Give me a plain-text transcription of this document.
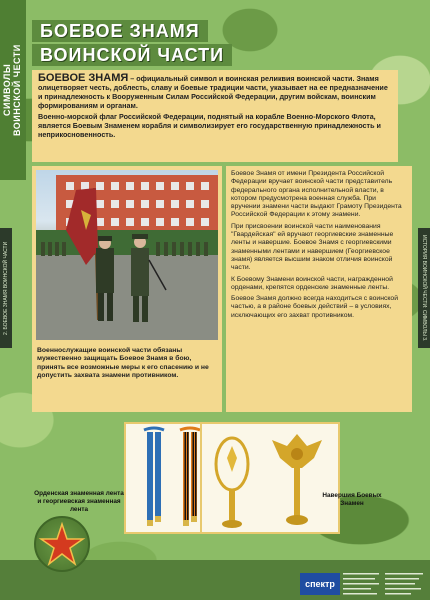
СИМВОЛЫ
ВОИНСКОЙ ЧЕСТИ
2. БОЕВОЕ ЗНАМЯ ВОИНСКОЙ ЧАСТИ	ИСТОРИЯ ВОИНСКОЙ ЧЕСТИ: СИМВОЛЫ 3.
БОЕВОЕ ЗНАМЯ
ВОИНСКОЙ ЧАСТИ

БОЕВОЕ ЗНАМЯ – официальный символ и воинская реликвия воинской части. Знамя олицетворяет честь, доблесть, славу и боевые традиции части, указывает на ее предназначение и принадлежность к Вооруженным Силам Российской Федерации, другим войскам, воинским формированиям и органам.

Военно-морской флаг Российской Федерации, поднятый на корабле Военно-Морского Флота, является Боевым Знаменем корабля и символизирует его государственную принадлежность и неприкосновенность.

Боевое Знамя от имени Президента Российской Федерации вручает воинской части представитель федерального органа исполнительной власти, в котором предусмотрена военная служба. При вручении знамени части выдают Грамоту Президента Российской Федерации к этому знамени.

При присвоении воинской части наименования "Гвардейская" ей вручают георгиевские знаменные ленты и навершие. Боевое Знамя с георгиевскими знаменными лентами и навершием (Георгиевское знамя) является высшим знаком отличия воинской части.

К Боевому Знамени воинской части, награжденной орденами, крепятся орденские знаменные ленты.

Боевое Знамя должно всегда находиться с воинской частью, а в районе боевых действий – в условиях, исключающих его захват противником.

Военнослужащие воинской части обязаны мужественно защищать Боевое Знамя в бою, принять все возможные меры к его спасению и не допустить захвата знамени противником.

Орденская знаменная лента и георгиевская знаменная лента
Навершия Боевых Знамен
спектр
